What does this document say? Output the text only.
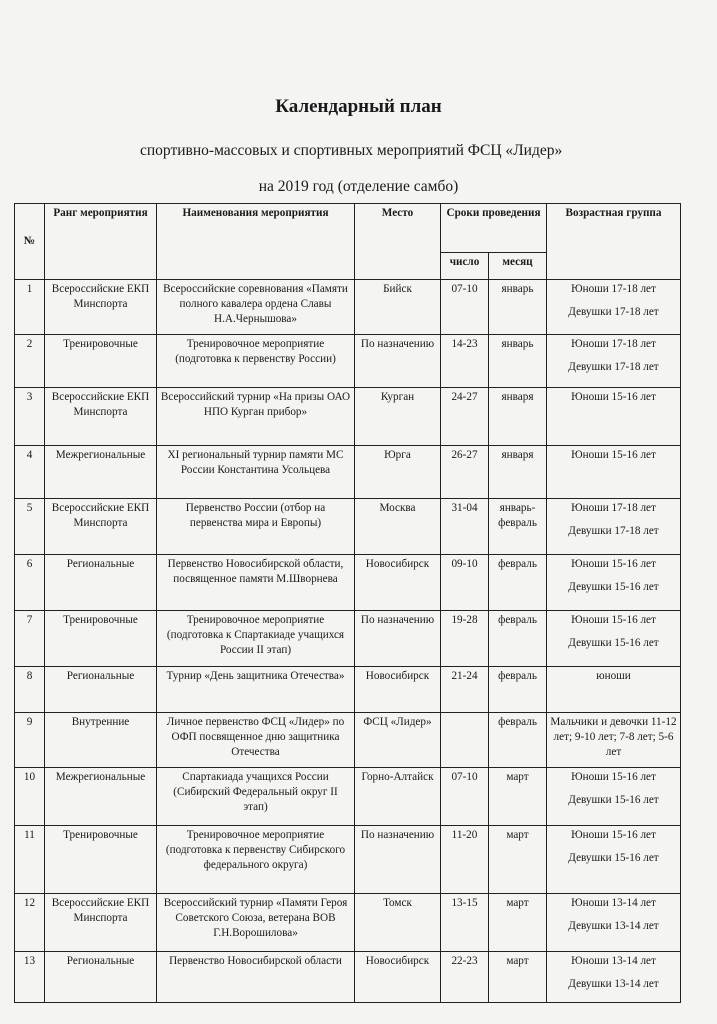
Календарный план
спортивно-массовых и спортивных мероприятий ФСЦ «Лидер»
на 2019 год (отделение самбо)
№	Ранг мероприятия	Наименования мероприятия	Место	Сроки проведения		Возрастная группа
				число	месяц	
1	Всероссийские ЕКП Минспорта	Всероссийские соревнования «Памяти полного кавалера ордена Славы Н.А.Чернышова»	Бийск	07-10	январь	Юноши 17-18 лет
Девушки 17-18 лет

2	Тренировочные	Тренировочное мероприятие (подготовка к первенству России)	По назначению	14-23	январь	Юноши 17-18 лет
Девушки 17-18 лет

3	Всероссийские ЕКП Минспорта	Всероссийский турнир «На призы ОАО НПО Курган прибор»	Курган	24-27	января	Юноши 15-16 лет

4	Межрегиональные	XI региональный турнир памяти МС России Константина Усольцева	Юрга	26-27	января	Юноши 15-16 лет

5	Всероссийские ЕКП Минспорта	Первенство России (отбор на первенства мира и Европы)	Москва	31-04	январь-февраль	Юноши 17-18 лет
Девушки 17-18 лет

6	Региональные	Первенство Новосибирской области, посвященное памяти М.Шворнева	Новосибирск	09-10	февраль	Юноши 15-16 лет
Девушки 15-16 лет

7	Тренировочные	Тренировочное мероприятие (подготовка к Спартакиаде учащихся России II этап)	По назначению	19-28	февраль	Юноши 15-16 лет
Девушки 15-16 лет

8	Региональные	Турнир «День защитника Отечества»	Новосибирск	21-24	февраль	юноши

9	Внутренние	Личное первенство ФСЦ «Лидер» по ОФП посвященное дню защитника Отечества	ФСЦ «Лидер»		февраль	Мальчики и девочки 11-12 лет; 9-10 лет; 7-8 лет; 5-6 лет
10	Межрегиональные	Спартакиада учащихся России (Сибирский Федеральный округ II этап)	Горно-Алтайск	07-10	март	Юноши 15-16 лет
Девушки 15-16 лет

11	Тренировочные	Тренировочное мероприятие (подготовка к первенству Сибирского федерального округа)	По назначению	11-20	март	Юноши 15-16 лет
Девушки 15-16 лет

12	Всероссийские ЕКП Минспорта	Всероссийский турнир «Памяти Героя Советского Союза, ветерана ВОВ Г.Н.Ворошилова»	Томск	13-15	март	Юноши 13-14 лет
Девушки 13-14 лет

13	Региональные	Первенство Новосибирской области	Новосибирск	22-23	март	Юноши 13-14 лет
Девушки 13-14 лет
